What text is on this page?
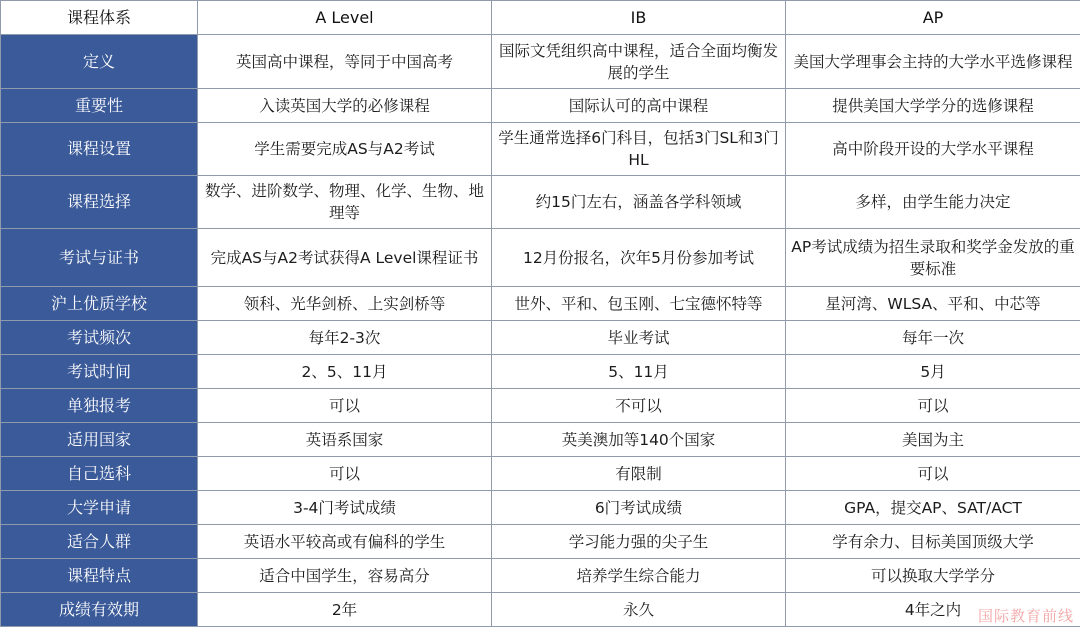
课程体系	A Level	IB	AP
定义	英国高中课程，等同于中国高考	国际文凭组织高中课程，适合全面均衡发展的学生	美国大学理事会主持的大学水平选修课程
重要性	入读英国大学的必修课程	国际认可的高中课程	提供美国大学学分的选修课程
课程设置	学生需要完成AS与A2考试	学生通常选择6门科目，包括3门SL和3门HL	高中阶段开设的大学水平课程
课程选择	数学、进阶数学、物理、化学、生物、地理等	约15门左右，涵盖各学科领域	多样，由学生能力决定
考试与证书	完成AS与A2考试获得A Level课程证书	12月份报名，次年5月份参加考试	AP考试成绩为招生录取和奖学金发放的重要标准
沪上优质学校	领科、光华剑桥、上实剑桥等	世外、平和、包玉刚、七宝德怀特等	星河湾、WLSA、平和、中芯等
考试频次	每年2-3次	毕业考试	每年一次
考试时间	2、5、11月	5、11月	5月
单独报考	可以	不可以	可以
适用国家	英语系国家	英美澳加等140个国家	美国为主
自己选科	可以	有限制	可以
大学申请	3-4门考试成绩	6门考试成绩	GPA，提交AP、SAT/ACT
适合人群	英语水平较高或有偏科的学生	学习能力强的尖子生	学有余力、目标美国顶级大学
课程特点	适合中国学生，容易高分	培养学生综合能力	可以换取大学学分
成绩有效期	2年	永久	4年之内 国际教育前线
